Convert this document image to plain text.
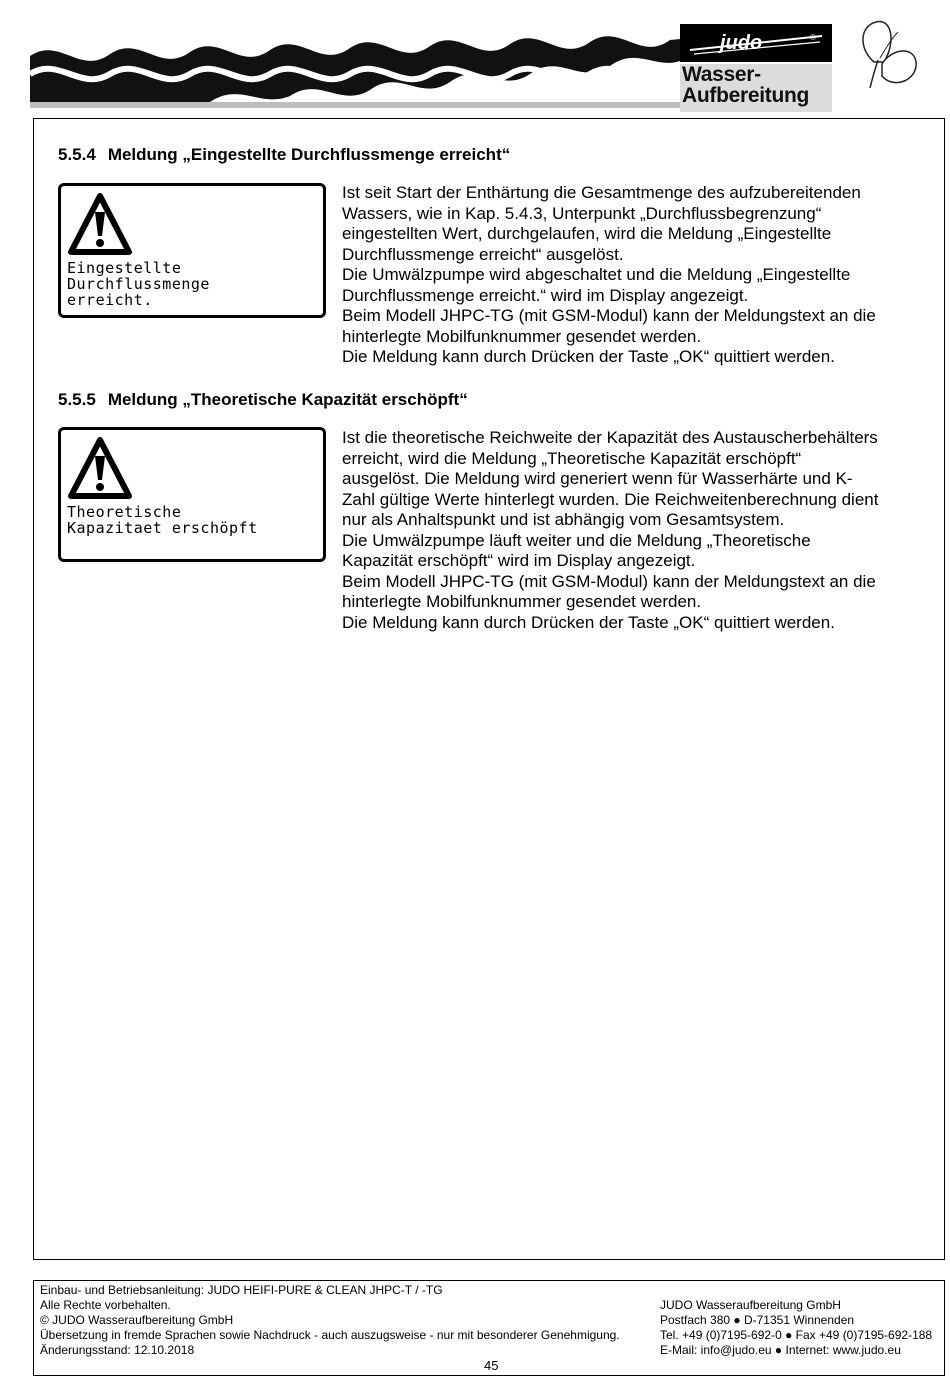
judo	®
Wasser-
Aufbereitung
5.5.4 Meldung „Eingestellte Durchflussmenge erreicht“
Eingestellte
Durchflussmenge
erreicht.

Ist seit Start der Enthärtung die Gesamtmenge des aufzubereitenden

Wassers, wie in Kap. 5.4.3, Unterpunkt „Durchflussbegrenzung“

eingestellten Wert, durchgelaufen, wird die Meldung „Eingestellte

Durchflussmenge erreicht“ ausgelöst.

Die Umwälzpumpe wird abgeschaltet und die Meldung „Eingestellte

Durchflussmenge erreicht.“ wird im Display angezeigt.

Beim Modell JHPC-TG (mit GSM-Modul) kann der Meldungstext an die

hinterlegte Mobilfunknummer gesendet werden.

Die Meldung kann durch Drücken der Taste „OK“ quittiert werden.

5.5.5 Meldung „Theoretische Kapazität erschöpft“
Theoretische
Kapazitaet erschöpft

Ist die theoretische Reichweite der Kapazität des Austauscherbehälters

erreicht, wird die Meldung „Theoretische Kapazität erschöpft“

ausgelöst. Die Meldung wird generiert wenn für Wasserhärte und K-

Zahl gültige Werte hinterlegt wurden. Die Reichweitenberechnung dient

nur als Anhaltspunkt und ist abhängig vom Gesamtsystem.

Die Umwälzpumpe läuft weiter und die Meldung „Theoretische

Kapazität erschöpft“ wird im Display angezeigt.

Beim Modell JHPC-TG (mit GSM-Modul) kann der Meldungstext an die

hinterlegte Mobilfunknummer gesendet werden.

Die Meldung kann durch Drücken der Taste „OK“ quittiert werden.

Einbau- und Betriebsanleitung: JUDO HEIFI-PURE & CLEAN JHPC-T / -TG
Alle Rechte vorbehalten.
© JUDO Wasseraufbereitung GmbH
Übersetzung in fremde Sprachen sowie Nachdruck - auch auszugsweise - nur mit besonderer Genehmigung.
Änderungsstand: 12.10.2018
JUDO Wasseraufbereitung GmbH
Postfach 380 ● D-71351 Winnenden
Tel. +49 (0)7195-692-0 ● Fax +49 (0)7195-692-188
E-Mail: info@judo.eu ● Internet: www.judo.eu
45
